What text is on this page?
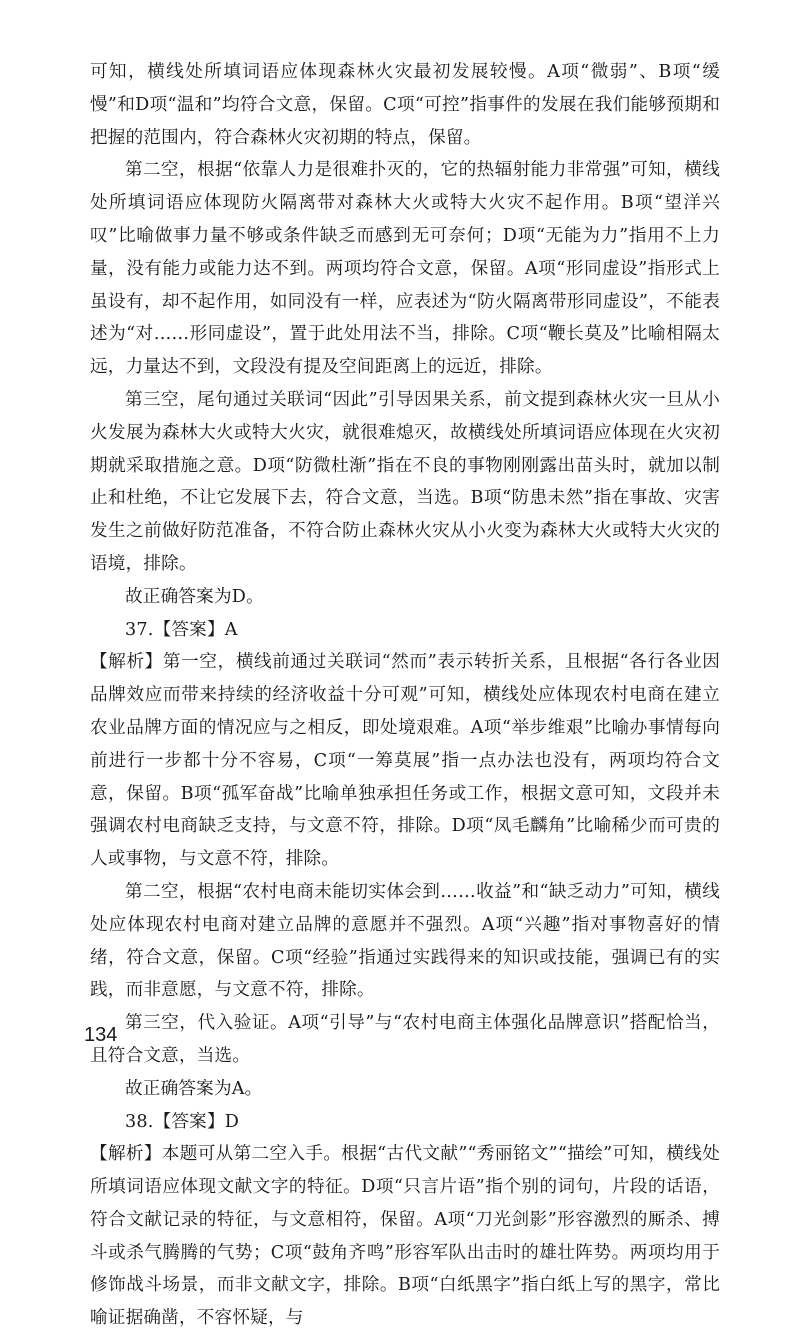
可知，横线处所填词语应体现森林火灾最初发展较慢。A项“微弱”、B项“缓慢”和D项“温和”均符合文意，保留。C项“可控”指事件的发展在我们能够预期和把握的范围内，符合森林火灾初期的特点，保留。

第二空，根据“依靠人力是很难扑灭的，它的热辐射能力非常强”可知，横线处所填词语应体现防火隔离带对森林大火或特大火灾不起作用。B项“望洋兴叹”比喻做事力量不够或条件缺乏而感到无可奈何；D项“无能为力”指用不上力量，没有能力或能力达不到。两项均符合文意，保留。A项“形同虚设”指形式上虽设有，却不起作用，如同没有一样，应表述为“防火隔离带形同虚设”，不能表述为“对……形同虚设”，置于此处用法不当，排除。C项“鞭长莫及”比喻相隔太远，力量达不到，文段没有提及空间距离上的远近，排除。

第三空，尾句通过关联词“因此”引导因果关系，前文提到森林火灾一旦从小火发展为森林大火或特大火灾，就很难熄灭，故横线处所填词语应体现在火灾初期就采取措施之意。D项“防微杜渐”指在不良的事物刚刚露出苗头时，就加以制止和杜绝，不让它发展下去，符合文意，当选。B项“防患未然”指在事故、灾害发生之前做好防范准备，不符合防止森林火灾从小火变为森林大火或特大火灾的语境，排除。

故正确答案为D。

37.【答案】A

【解析】第一空，横线前通过关联词“然而”表示转折关系，且根据“各行各业因品牌效应而带来持续的经济收益十分可观”可知，横线处应体现农村电商在建立农业品牌方面的情况应与之相反，即处境艰难。A项“举步维艰”比喻办事情每向前进行一步都十分不容易，C项“一筹莫展”指一点办法也没有，两项均符合文意，保留。B项“孤军奋战”比喻单独承担任务或工作，根据文意可知，文段并未强调农村电商缺乏支持，与文意不符，排除。D项“凤毛麟角”比喻稀少而可贵的人或事物，与文意不符，排除。

第二空，根据“农村电商未能切实体会到……收益”和“缺乏动力”可知，横线处应体现农村电商对建立品牌的意愿并不强烈。A项“兴趣”指对事物喜好的情绪，符合文意，保留。C项“经验”指通过实践得来的知识或技能，强调已有的实践，而非意愿，与文意不符，排除。

第三空，代入验证。A项“引导”与“农村电商主体强化品牌意识”搭配恰当，且符合文意，当选。

故正确答案为A。

38.【答案】D

【解析】本题可从第二空入手。根据“古代文献”“秀丽铭文”“描绘”可知，横线处所填词语应体现文献文字的特征。D项“只言片语”指个别的词句，片段的话语，符合文献记录的特征，与文意相符，保留。A项“刀光剑影”形容激烈的厮杀、搏斗或杀气腾腾的气势；C项“鼓角齐鸣”形容军队出击时的雄壮阵势。两项均用于修饰战斗场景，而非文献文字，排除。B项“白纸黑字”指白纸上写的黑字，常比喻证据确凿，不容怀疑，与

134
